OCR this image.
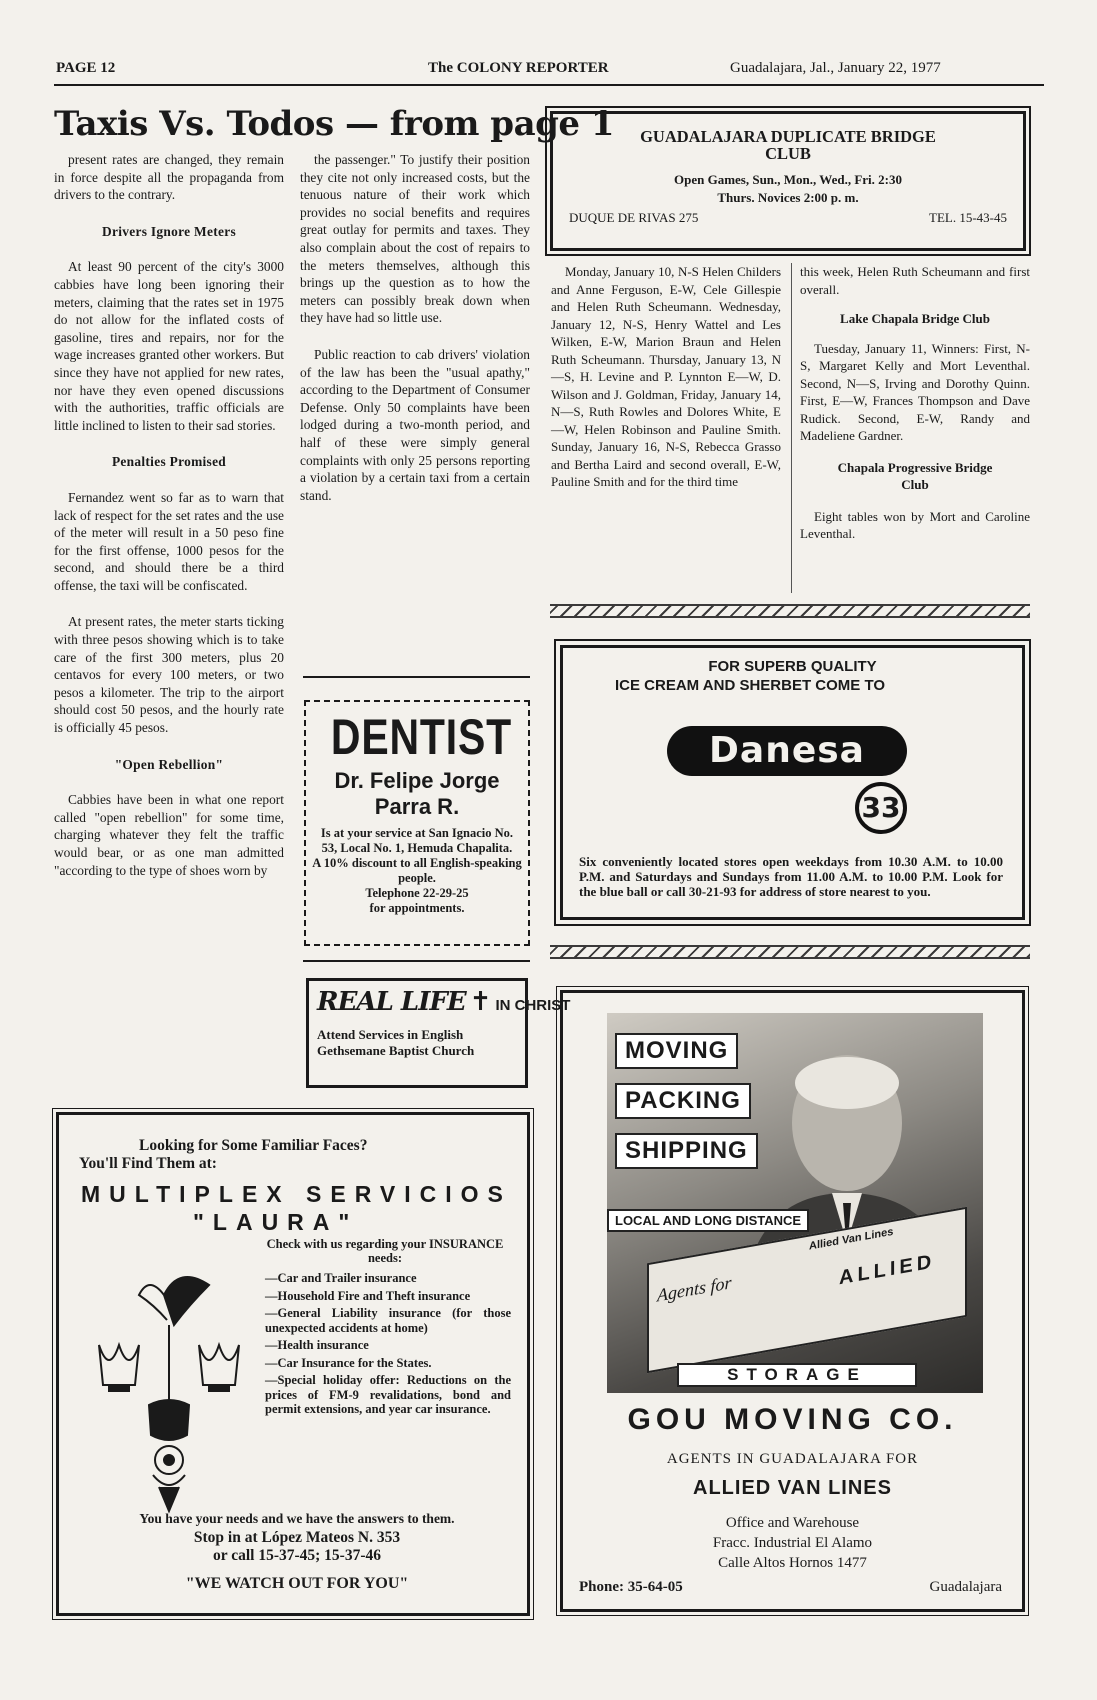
PAGE 12	The COLONY REPORTER	Guadalajara, Jal., January 22, 1977
Taxis Vs. Todos — from page 1

present rates are changed, they remain in force despite all the propaganda from drivers to the contrary.

Drivers Ignore Meters

At least 90 percent of the city's 3000 cabbies have long been ignoring their meters, claiming that the rates set in 1975 do not allow for the inflated costs of gasoline, tires and repairs, nor for the wage increases granted other workers. But since they have not applied for new rates, nor have they even opened discussions with the authorities, traffic officials are little inclined to listen to their sad stories.

Penalties Promised

Fernandez went so far as to warn that lack of respect for the set rates and the use of the meter will result in a 50 peso fine for the first offense, 1000 pesos for the second, and should there be a third offense, the taxi will be confiscated.

At present rates, the meter starts ticking with three pesos showing which is to take care of the first 300 meters, plus 20 centavos for every 100 meters, or two pesos a kilometer. The trip to the airport should cost 50 pesos, and the hourly rate is officially 45 pesos.

"Open Rebellion"

Cabbies have been in what one report called "open rebellion" for some time, charging whatever they felt the traffic would bear, or as one man admitted "according to the type of shoes worn by

the passenger." To justify their position they cite not only increased costs, but the tenuous nature of their work which provides no social benefits and requires great outlay for permits and taxes. They also complain about the cost of repairs to the meters themselves, although this brings up the question as to how the meters can possibly break down when they have had so little use.

Public reaction to cab drivers' violation of the law has been the "usual apathy," according to the Department of Consumer Defense. Only 50 complaints have been lodged during a two-month period, and half of these were simply general complaints with only 25 persons reporting a violation by a certain taxi from a certain stand.

DENTIST
Dr. Felipe Jorge Parra R.
Is at your service at San Ignacio No. 53, Local No. 1, Hemuda Chapalita.
A 10% discount to all English-speaking people.
Telephone 22-29-25
for appointments.
REAL LIFE ✝ IN CHRIST
Attend Services in English Gethsemane Baptist Church
GUADALAJARA DUPLICATE BRIDGE CLUB
Open Games, Sun., Mon., Wed., Fri. 2:30
Thurs. Novices 2:00 p. m.
DUQUE DE RIVAS 275	TEL. 15-43-45

Monday, January 10, N-S Helen Childers and Anne Ferguson, E-W, Cele Gillespie and Helen Ruth Scheumann. Wednesday, January 12, N-S, Henry Wattel and Les Wilken, E-W, Marion Braun and Helen Ruth Scheumann. Thursday, January 13, N—S, H. Levine and P. Lynnton E—W, D. Wilson and J. Goldman, Friday, January 14, N—S, Ruth Rowles and Dolores White, E—W, Helen Robinson and Pauline Smith. Sunday, January 16, N-S, Rebecca Grasso and Bertha Laird and second overall, E-W, Pauline Smith and for the third time

this week, Helen Ruth Scheumann and first overall.

Lake Chapala Bridge Club

Tuesday, January 11, Winners: First, N-S, Margaret Kelly and Mort Leventhal. Second, N—S, Irving and Dorothy Quinn. First, E—W, Frances Thompson and Dave Rudick. Second, E-W, Randy and Madeliene Gardner.

Chapala Progressive Bridge Club

Eight tables won by Mort and Caroline Leventhal.

FOR SUPERB QUALITY
ICE CREAM AND SHERBET COME TO
Danesa
33
Six conveniently located stores open weekdays from 10.30 A.M. to 10.00 P.M. and Saturdays and Sundays from 11.00 A.M. to 10.00 P.M. Look for the blue ball or call 30-21-93 for address of store nearest to you.
Looking for Some Familiar Faces?
You'll Find Them at:
MULTIPLEX SERVICIOS
"LAURA"
Check with us regarding your INSURANCE needs:
—Car and Trailer insurance
—Household Fire and Theft insurance
—General Liability insurance (for those unexpected accidents at home)
—Health insurance
—Car Insurance for the States.
—Special holiday offer: Reductions on the prices of FM-9 revalidations, bond and permit extensions, and year car insurance.
You have your needs and we have the answers to them.
Stop in at López Mateos N. 353
or call 15-37-45; 15-37-46
"WE WATCH OUT FOR YOU"
MOVING
PACKING
SHIPPING
LOCAL AND LONG DISTANCE
Allied Van Lines
Agents for	ALLIED
STORAGE
GOU MOVING CO.
AGENTS IN GUADALAJARA FOR
ALLIED VAN LINES
Office and Warehouse
Fracc. Industrial El Alamo
Calle Altos Hornos 1477
Phone: 35-64-05	Guadalajara
